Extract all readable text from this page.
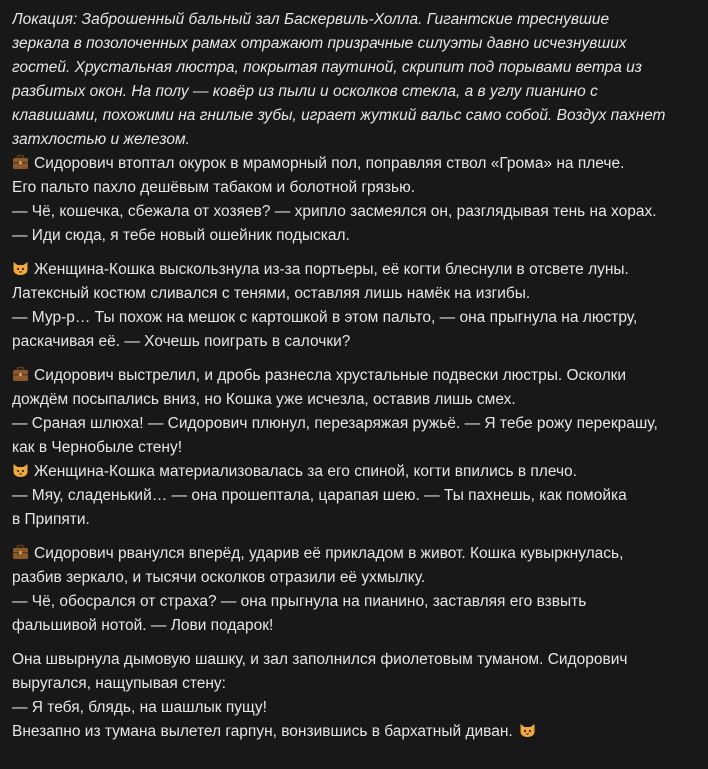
Локация: Заброшенный бальный зал Баскервиль-Холла. Гигантские треснувшие
зеркала в позолоченных рамах отражают призрачные силуэты давно исчезнувших
гостей. Хрустальная люстра, покрытая паутиной, скрипит под порывами ветра из
разбитых окон. На полу — ковёр из пыли и осколков стекла, а в углу пианино с
клавишами, похожими на гнилые зубы, играет жуткий вальс само собой. Воздух пахнет
затхлостью и железом.
Сидорович втоптал окурок в мраморный пол, поправляя ствол «Грома» на плече.
Его пальто пахло дешёвым табаком и болотной грязью.
— Чё, кошечка, сбежала от хозяев? — хрипло засмеялся он, разглядывая тень на хорах.
— Иди сюда, я тебе новый ошейник подыскал.
Женщина-Кошка выскользнула из-за портьеры, её когти блеснули в отсвете луны.
Латексный костюм сливался с тенями, оставляя лишь намёк на изгибы.
— Мур-р… Ты похож на мешок с картошкой в этом пальто, — она прыгнула на люстру,
раскачивая её. — Хочешь поиграть в салочки?
Сидорович выстрелил, и дробь разнесла хрустальные подвески люстры. Осколки
дождём посыпались вниз, но Кошка уже исчезла, оставив лишь смех.
— Сраная шлюха! — Сидорович плюнул, перезаряжая ружьё. — Я тебе рожу перекрашу,
как в Чернобыле стену!
Женщина-Кошка материализовалась за его спиной, когти впились в плечо.
— Мяу, сладенький… — она прошептала, царапая шею. — Ты пахнешь, как помойка
в Припяти.
Сидорович рванулся вперёд, ударив её прикладом в живот. Кошка кувыркнулась,
разбив зеркало, и тысячи осколков отразили её ухмылку.
— Чё, обосрался от страха? — она прыгнула на пианино, заставляя его взвыть
фальшивой нотой. — Лови подарок!
Она швырнула дымовую шашку, и зал заполнился фиолетовым туманом. Сидорович
выругался, нащупывая стену:
— Я тебя, блядь, на шашлык пущу!
Внезапно из тумана вылетел гарпун, вонзившись в бархатный диван.
